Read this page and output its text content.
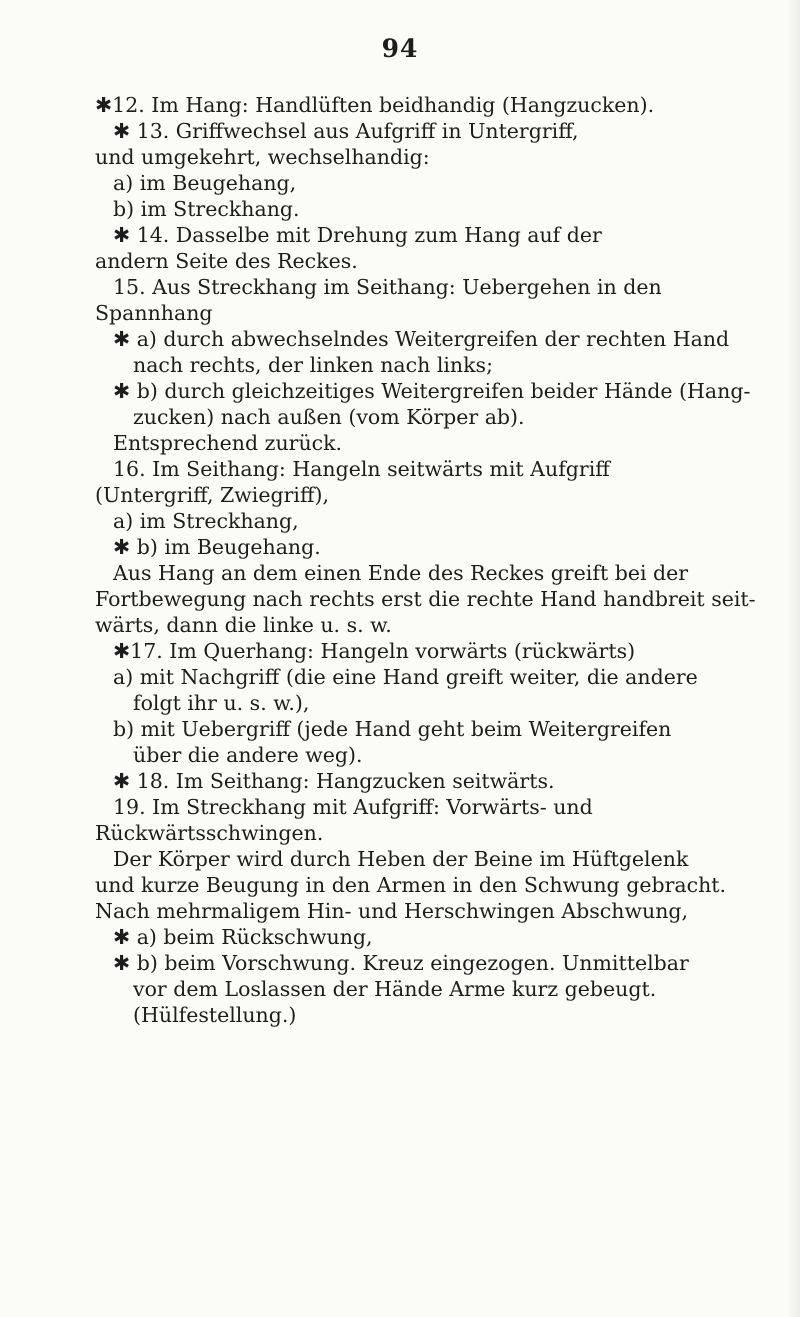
94

✱12. Im Hang: Handlüften beidhandig (Hangzucken).

✱ 13. Griffwechsel aus Aufgriff in Untergriff,

und umgekehrt, wechselhandig:

a) im Beugehang,

b) im Streckhang.

✱ 14. Dasselbe mit Drehung zum Hang auf der

andern Seite des Reckes.

15. Aus Streckhang im Seithang: Uebergehen in den

Spannhang

✱ a) durch abwechselndes Weitergreifen der rechten Hand

nach rechts, der linken nach links;

✱ b) durch gleichzeitiges Weitergreifen beider Hände (Hang-

zucken) nach außen (vom Körper ab).

Entsprechend zurück.

16. Im Seithang: Hangeln seitwärts mit Aufgriff

(Untergriff, Zwiegriff),

a) im Streckhang,

✱ b) im Beugehang.

Aus Hang an dem einen Ende des Reckes greift bei der

Fortbewegung nach rechts erst die rechte Hand handbreit seit-

wärts, dann die linke u. s. w.

✱17. Im Querhang: Hangeln vorwärts (rückwärts)

a) mit Nachgriff (die eine Hand greift weiter, die andere

folgt ihr u. s. w.),

b) mit Uebergriff (jede Hand geht beim Weitergreifen

über die andere weg).

✱ 18. Im Seithang: Hangzucken seitwärts.

19. Im Streckhang mit Aufgriff: Vorwärts- und

Rückwärtsschwingen.

Der Körper wird durch Heben der Beine im Hüftgelenk

und kurze Beugung in den Armen in den Schwung gebracht.

Nach mehrmaligem Hin- und Herschwingen Abschwung,

✱ a) beim Rückschwung,

✱ b) beim Vorschwung. Kreuz eingezogen. Unmittelbar

vor dem Loslassen der Hände Arme kurz gebeugt.

(Hülfestellung.)
